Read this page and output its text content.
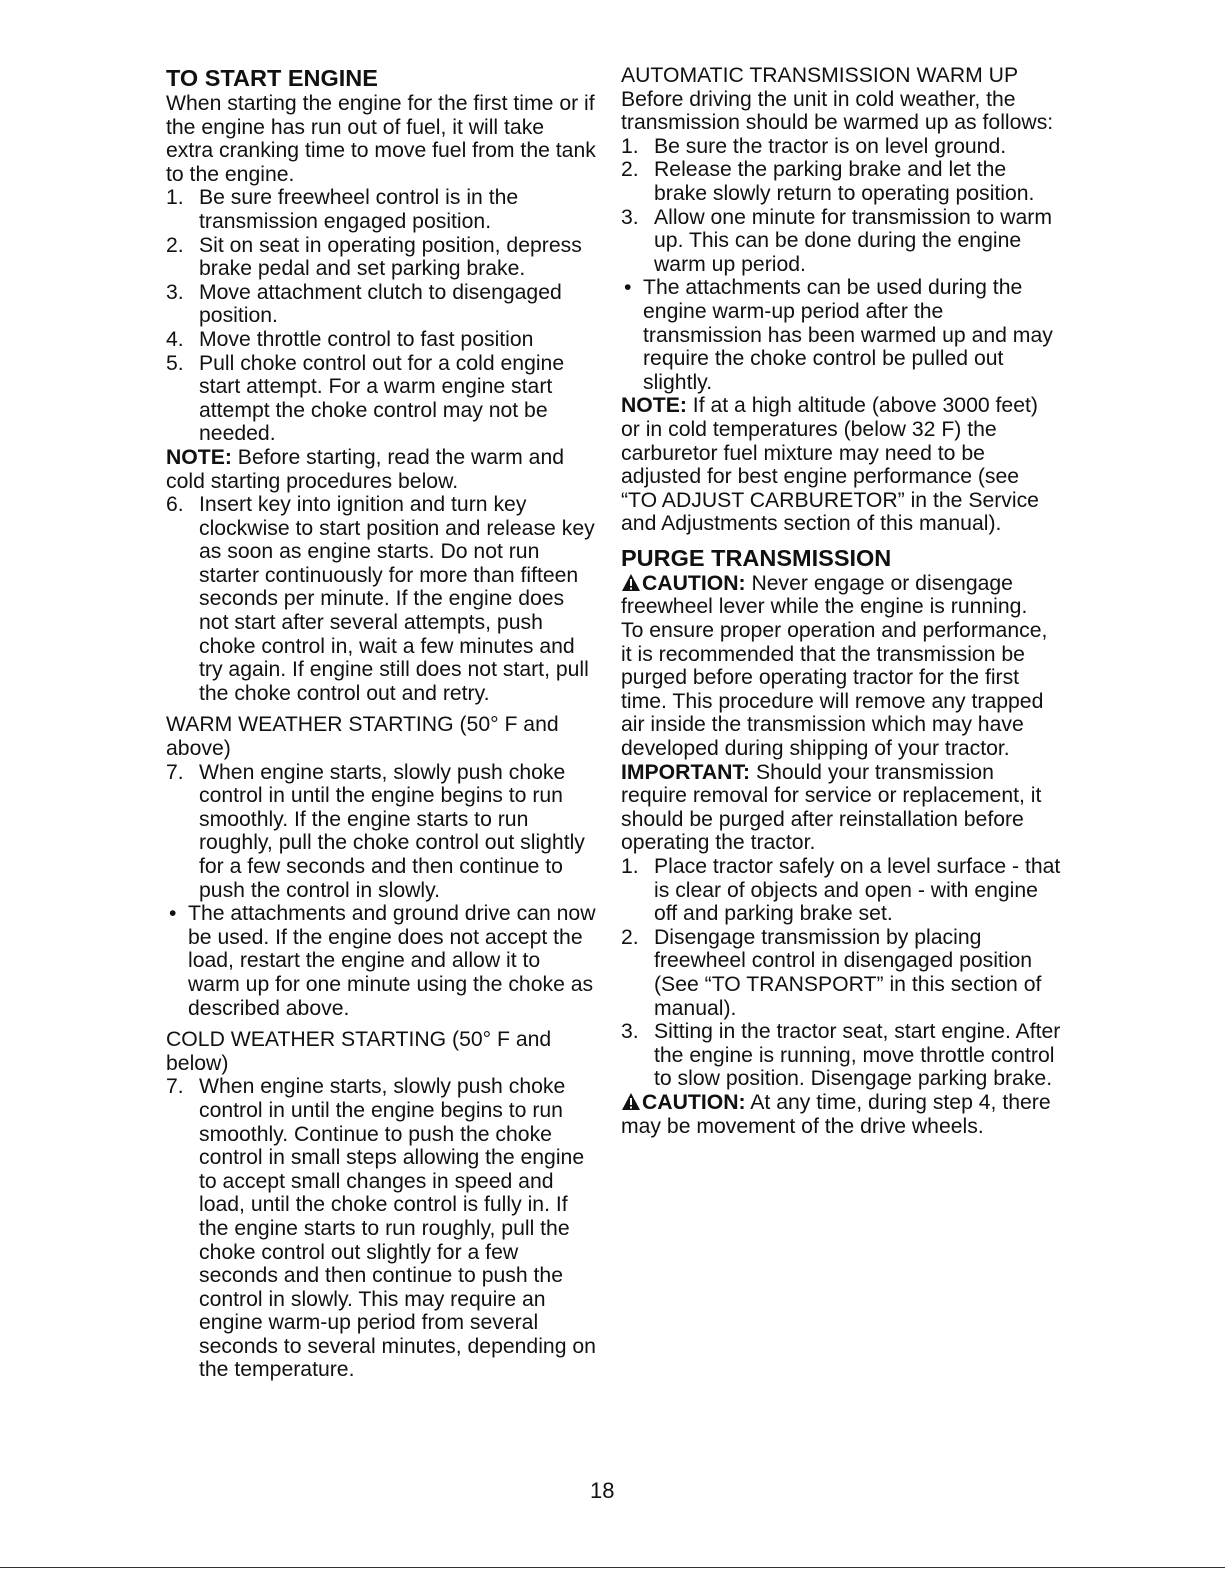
TO START ENGINE

When starting the engine for the first time or if the engine has run out of fuel, it will take extra cranking time to move fuel from the tank to the engine.

1. Be sure freewheel control is in the transmission engaged position.
2. Sit on seat in operating position, depress brake pedal and set parking brake.
3. Move attachment clutch to disengaged position.
4. Move throttle control to fast position
5. Pull choke control out for a cold engine start attempt. For a warm engine start attempt the choke control may not be needed.

NOTE: Before starting, read the warm and cold starting procedures below.

6. Insert key into ignition and turn key clockwise to start position and release key as soon as engine starts. Do not run starter continuously for more than fifteen seconds per minute. If the engine does not start after several attempts, push choke control in, wait a few minutes and try again. If engine still does not start, pull the choke control out and retry.

WARM WEATHER STARTING (50° F and above)

7. When engine starts, slowly push choke control in until the engine begins to run smoothly. If the engine starts to run roughly, pull the choke control out slightly for a few seconds and then continue to push the control in slowly.
• The attachments and ground drive can now be used. If the engine does not accept the load, restart the engine and allow it to warm up for one minute using the choke as described above.

COLD WEATHER STARTING (50° F and below)

7. When engine starts, slowly push choke control in until the engine begins to run smoothly. Continue to push the choke control in small steps allowing the engine to accept small changes in speed and load, until the choke control is fully in. If the engine starts to run roughly, pull the choke control out slightly for a few seconds and then continue to push the control in slowly. This may require an engine warm-up period from several seconds to several minutes, depending on the temperature.

AUTOMATIC TRANSMISSION WARM UP

Before driving the unit in cold weather, the transmission should be warmed up as follows:

1. Be sure the tractor is on level ground.
2. Release the parking brake and let the brake slowly return to operating position.
3. Allow one minute for transmission to warm up. This can be done during the engine warm up period.
• The attachments can be used during the engine warm-up period after the transmission has been warmed up and may require the choke control be pulled out slightly.

NOTE: If at a high altitude (above 3000 feet) or in cold temperatures (below 32 F) the carburetor fuel mixture may need to be adjusted for best engine performance (see “TO ADJUST CARBURETOR” in the Service and Adjustments section of this manual).

PURGE TRANSMISSION

CAUTION: Never engage or disengage freewheel lever while the engine is running.

To ensure proper operation and performance, it is recommended that the transmission be purged before operating tractor for the first time. This procedure will remove any trapped air inside the transmission which may have developed during shipping of your tractor.

IMPORTANT: Should your transmission require removal for service or replacement, it should be purged after reinstallation before operating the tractor.

1. Place tractor safely on a level surface - that is clear of objects and open - with engine off and parking brake set.
2. Disengage transmission by placing freewheel control in disengaged position (See “TO TRANSPORT” in this section of manual).
3. Sitting in the tractor seat, start engine. After the engine is running, move throttle control to slow position. Disengage parking brake.

CAUTION: At any time, during step 4, there may be movement of the drive wheels.

18
